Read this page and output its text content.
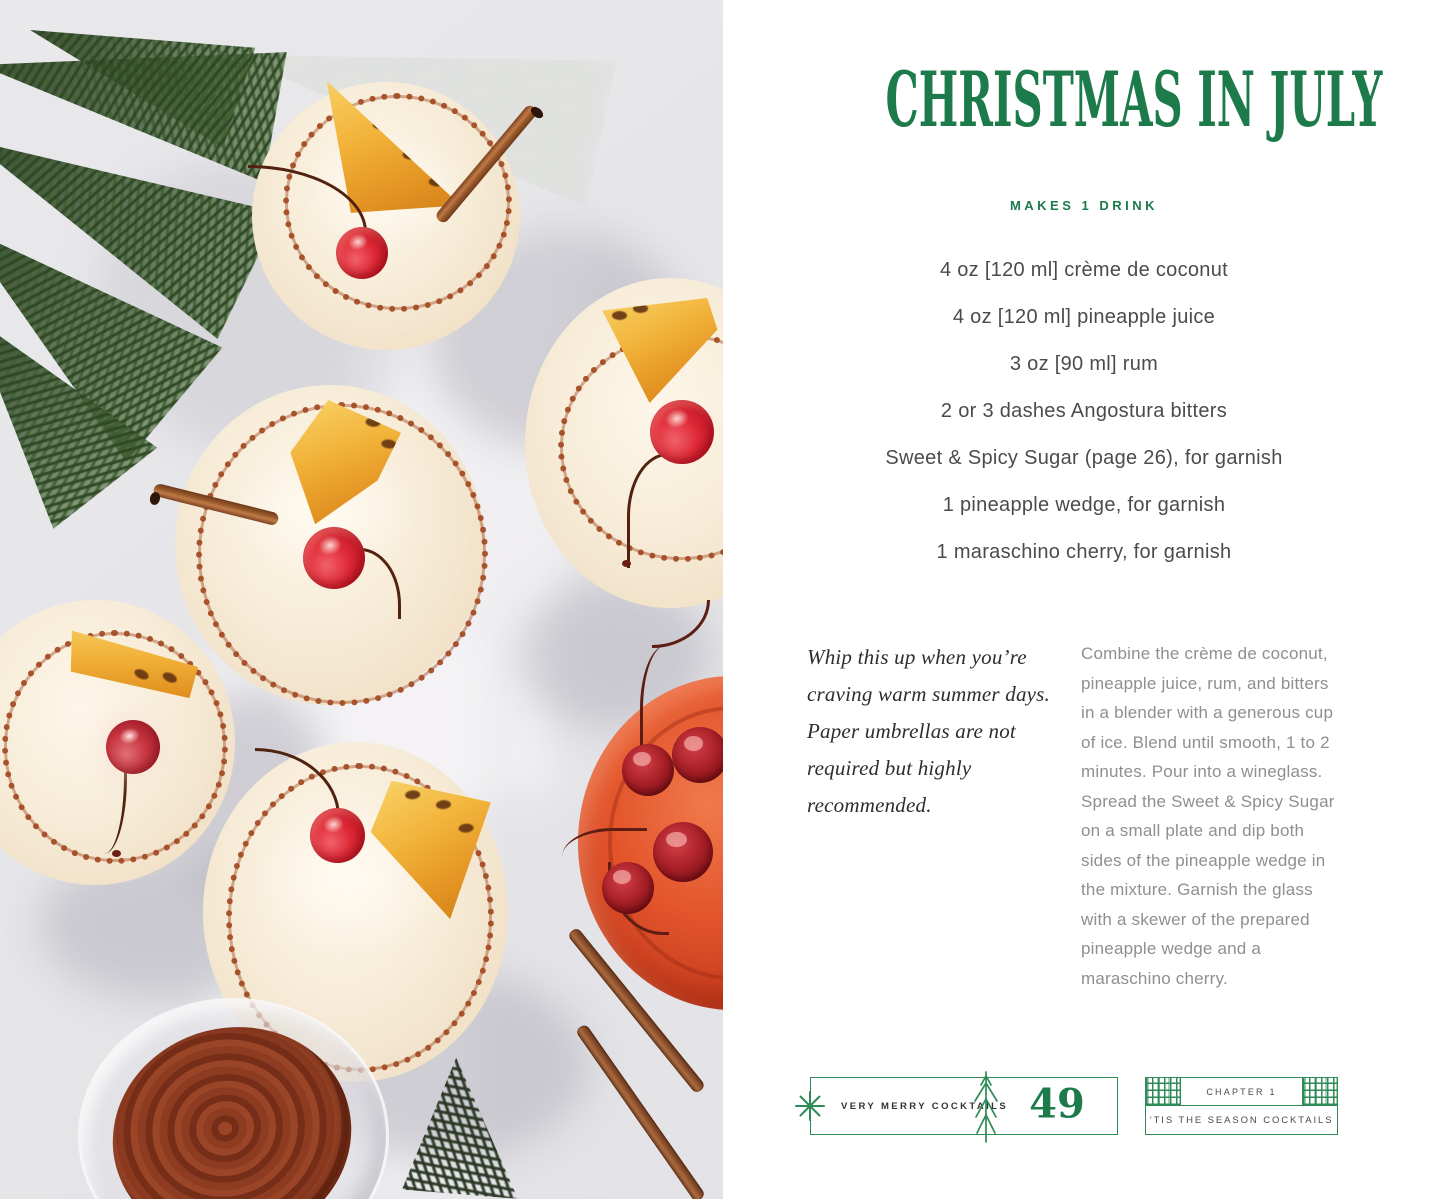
CHRISTMAS IN JULY
MAKES 1 DRINK
4 oz [120 ml] crème de coconut
4 oz [120 ml] pineapple juice
3 oz [90 ml] rum
2 or 3 dashes Angostura bitters
Sweet & Spicy Sugar (page 26), for garnish
1 pineapple wedge, for garnish
1 maraschino cherry, for garnish
Whip this up when you’re craving warm summer days. Paper umbrellas are not required but highly recommended.
Combine the crème de coconut, pineapple juice, rum, and bitters in a blender with a generous cup of ice. Blend until smooth, 1 to 2 minutes. Pour into a wineglass. Spread the Sweet & Spicy Sugar on a small plate and dip both sides of the pineapple wedge in the mixture. Garnish the glass with a skewer of the prepared pineapple wedge and a maraschino cherry.
VERY MERRY COCKTAILS 49	CHAPTER 1
’TIS THE SEASON COCKTAILS
